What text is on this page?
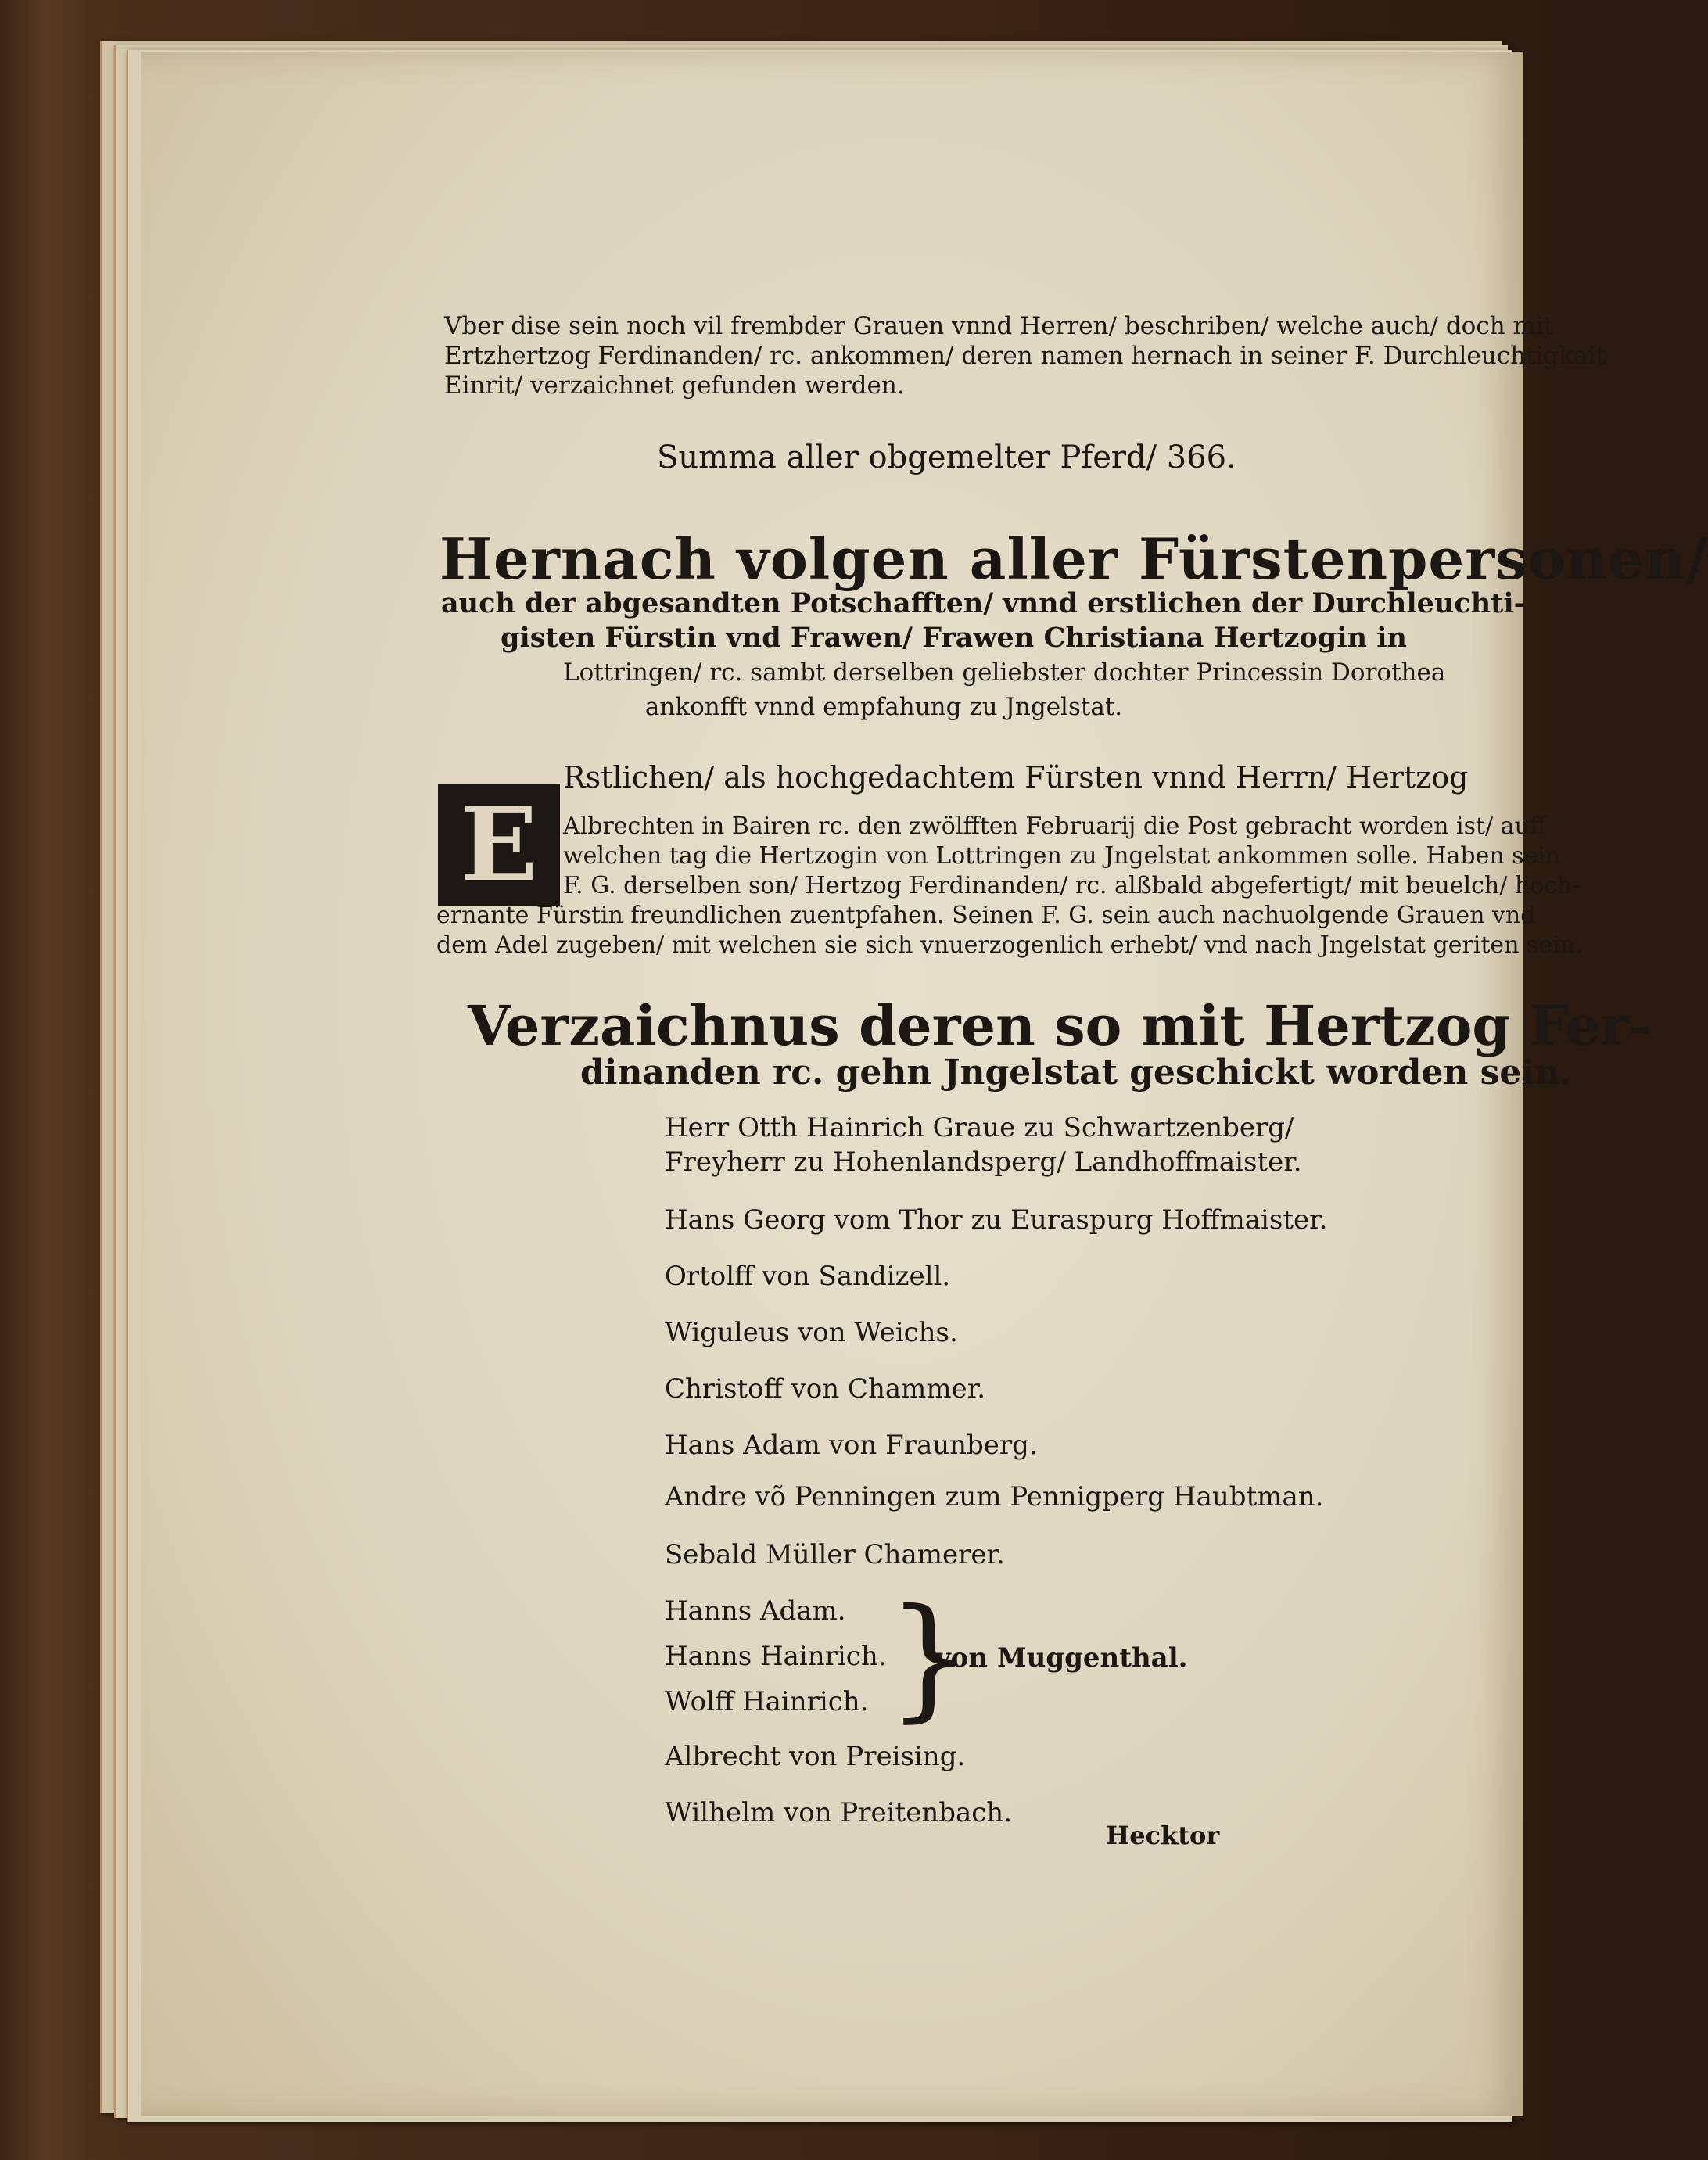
Vber dise sein noch vil frembder Grauen vnnd Herren/ beschriben/ welche auch/ doch mit
Ertzhertzog Ferdinanden/ rc. ankommen/ deren namen hernach in seiner F. Durchleuchtigkait
Einrit/ verzaichnet gefunden werden.
Summa aller obgemelter Pferd/ 366.
Hernach volgen aller Fürstenpersonen/
auch der abgesandten Potschafften/ vnnd erstlichen der Durchleuchti-
gisten Fürstin vnd Frawen/ Frawen Christiana Hertzogin in
Lottringen/ rc. sambt derselben geliebster dochter Princessin Dorothea
ankonfft vnnd empfahung zu Jngelstat.
E
Rstlichen/ als hochgedachtem Fürsten vnnd Herrn/ Hertzog
Albrechten in Bairen rc. den zwölfften Februarij die Post gebracht worden ist/ auff
welchen tag die Hertzogin von Lottringen zu Jngelstat ankommen solle. Haben sein
F. G. derselben son/ Hertzog Ferdinanden/ rc. alßbald abgefertigt/ mit beuelch/ hoch-
ernante Fürstin freundlichen zuentpfahen. Seinen F. G. sein auch nachuolgende Grauen vnd
dem Adel zugeben/ mit welchen sie sich vnuerzogenlich erhebt/ vnd nach Jngelstat geriten sein.
Verzaichnus deren so mit Hertzog Fer-
dinanden rc. gehn Jngelstat geschickt worden sein.
Herr Otth Hainrich Graue zu Schwartzenberg/
Freyherr zu Hohenlandsperg/ Landhoffmaister.
Hans Georg vom Thor zu Euraspurg Hoffmaister.
Ortolff von Sandizell.
Wiguleus von Weichs.
Christoff von Chammer.
Hans Adam von Fraunberg.
Andre võ Penningen zum Pennigperg Haubtman.
Sebald Müller Chamerer.
Hanns Adam.
Hanns Hainrich.
Wolff Hainrich. }
von Muggenthal.
Albrecht von Preising.
Wilhelm von Preitenbach.
Hecktor
